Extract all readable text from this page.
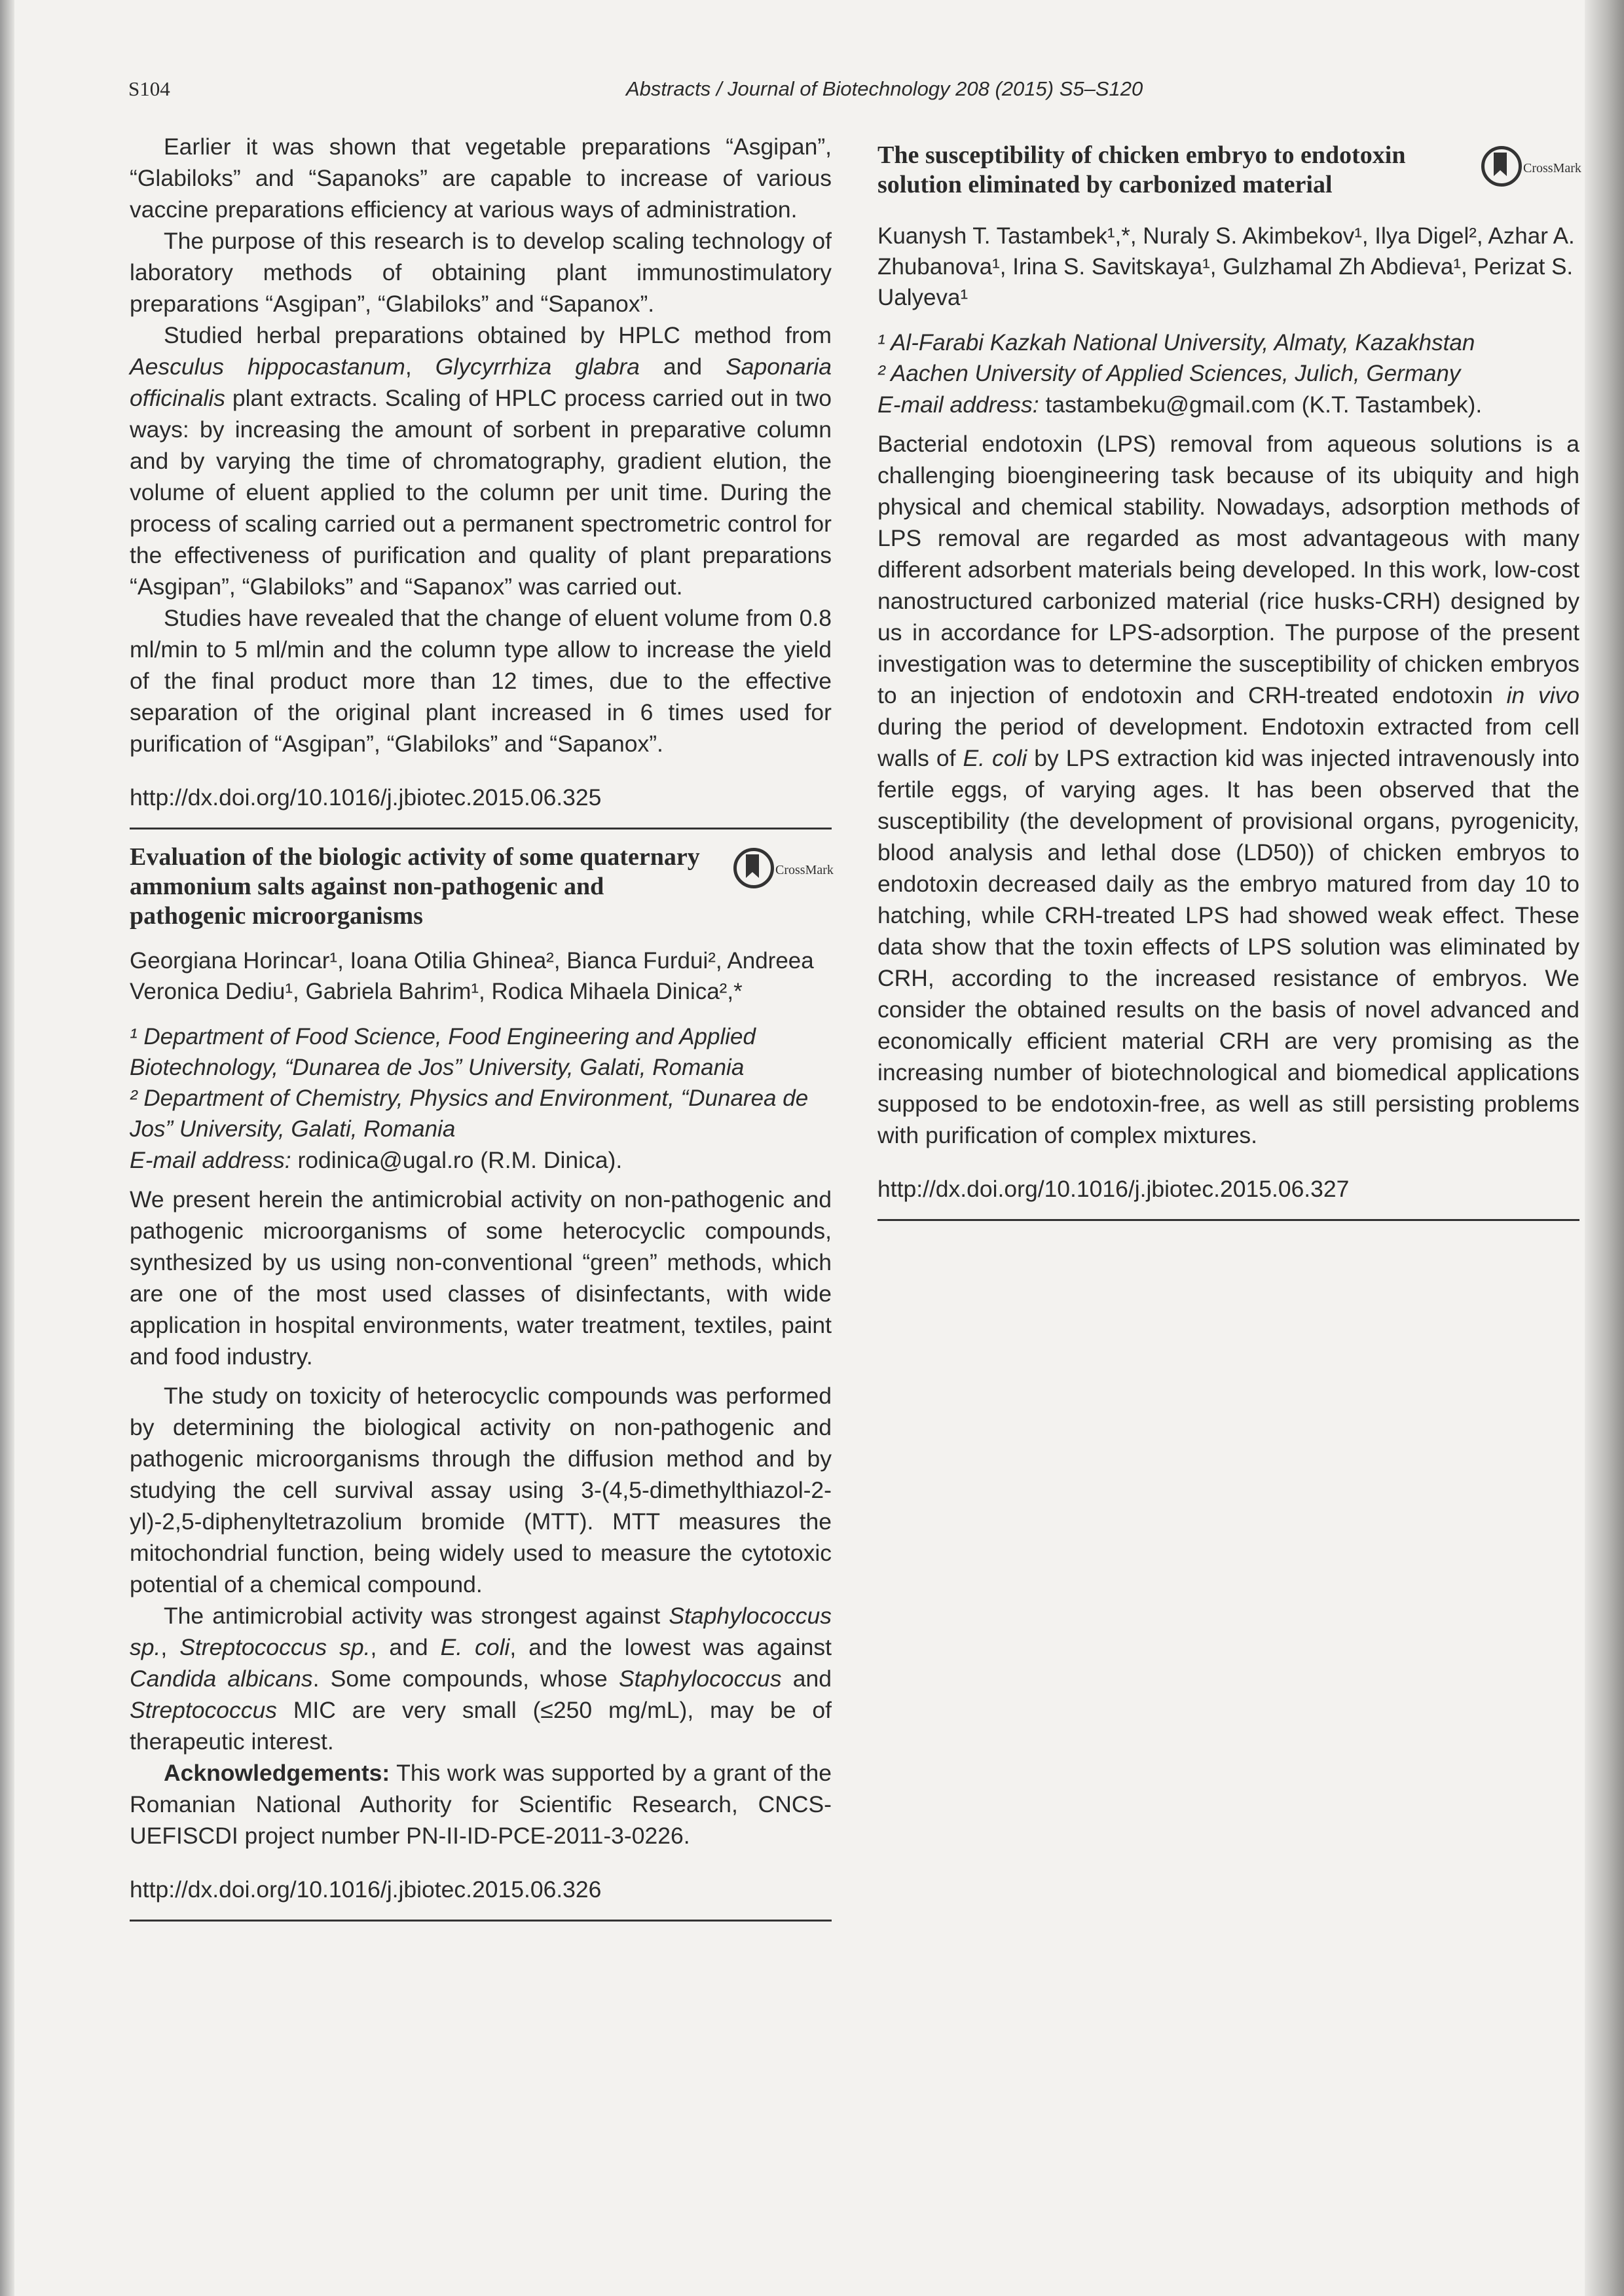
S104	Abstracts / Journal of Biotechnology 208 (2015) S5–S120

Earlier it was shown that vegetable preparations “Asgipan”, “Glabiloks” and “Sapanoks” are capable to increase of various vaccine preparations efficiency at various ways of administration.

The purpose of this research is to develop scaling technology of laboratory methods of obtaining plant immunostimulatory preparations “Asgipan”, “Glabiloks” and “Sapanox”.

Studied herbal preparations obtained by HPLC method from Aesculus hippocastanum, Glycyrrhiza glabra and Saponaria officinalis plant extracts. Scaling of HPLC process carried out in two ways: by increasing the amount of sorbent in preparative column and by varying the time of chromatography, gradient elution, the volume of eluent applied to the column per unit time. During the process of scaling carried out a permanent spectrometric control for the effectiveness of purification and quality of plant preparations “Asgipan”, “Glabiloks” and “Sapanox” was carried out.

Studies have revealed that the change of eluent volume from 0.8 ml/min to 5 ml/min and the column type allow to increase the yield of the final product more than 12 times, due to the effective separation of the original plant increased in 6 times used for purification of “Asgipan”, “Glabiloks” and “Sapanox”.

http://dx.doi.org/10.1016/j.jbiotec.2015.06.325

Evaluation of the biologic activity of some quaternary ammonium salts against non-pathogenic and pathogenic microorganisms

CrossMark

Georgiana Horincar¹, Ioana Otilia Ghinea², Bianca Furdui², Andreea Veronica Dediu¹, Gabriela Bahrim¹, Rodica Mihaela Dinica²,*

¹ Department of Food Science, Food Engineering and Applied Biotechnology, “Dunarea de Jos” University, Galati, Romania

² Department of Chemistry, Physics and Environment, “Dunarea de Jos” University, Galati, Romania

E-mail address: rodinica@ugal.ro (R.M. Dinica).

We present herein the antimicrobial activity on non-pathogenic and pathogenic microorganisms of some heterocyclic compounds, synthesized by us using non-conventional “green” methods, which are one of the most used classes of disinfectants, with wide application in hospital environments, water treatment, textiles, paint and food industry.

The study on toxicity of heterocyclic compounds was performed by determining the biological activity on non-pathogenic and pathogenic microorganisms through the diffusion method and by studying the cell survival assay using 3-(4,5-dimethylthiazol-2-yl)-2,5-diphenyltetrazolium bromide (MTT). MTT measures the mitochondrial function, being widely used to measure the cytotoxic potential of a chemical compound.

The antimicrobial activity was strongest against Staphylococcus sp., Streptococcus sp., and E. coli, and the lowest was against Candida albicans. Some compounds, whose Staphylococcus and Streptococcus MIC are very small (≤250 mg/mL), may be of therapeutic interest.

Acknowledgements: This work was supported by a grant of the Romanian National Authority for Scientific Research, CNCS-UEFISCDI project number PN-II-ID-PCE-2011-3-0226.

http://dx.doi.org/10.1016/j.jbiotec.2015.06.326

The susceptibility of chicken embryo to endotoxin solution eliminated by carbonized material

CrossMark

Kuanysh T. Tastambek¹,*, Nuraly S. Akimbekov¹, Ilya Digel², Azhar A. Zhubanova¹, Irina S. Savitskaya¹, Gulzhamal Zh Abdieva¹, Perizat S. Ualyeva¹

¹ Al-Farabi Kazkah National University, Almaty, Kazakhstan

² Aachen University of Applied Sciences, Julich, Germany

E-mail address: tastambeku@gmail.com (K.T. Tastambek).

Bacterial endotoxin (LPS) removal from aqueous solutions is a challenging bioengineering task because of its ubiquity and high physical and chemical stability. Nowadays, adsorption methods of LPS removal are regarded as most advantageous with many different adsorbent materials being developed. In this work, low-cost nanostructured carbonized material (rice husks-CRH) designed by us in accordance for LPS-adsorption. The purpose of the present investigation was to determine the susceptibility of chicken embryos to an injection of endotoxin and CRH-treated endotoxin in vivo during the period of development. Endotoxin extracted from cell walls of E. coli by LPS extraction kid was injected intravenously into fertile eggs, of varying ages. It has been observed that the susceptibility (the development of provisional organs, pyrogenicity, blood analysis and lethal dose (LD50)) of chicken embryos to endotoxin decreased daily as the embryo matured from day 10 to hatching, while CRH-treated LPS had showed weak effect. These data show that the toxin effects of LPS solution was eliminated by CRH, according to the increased resistance of embryos. We consider the obtained results on the basis of novel advanced and economically efficient material CRH are very promising as the increasing number of biotechnological and biomedical applications supposed to be endotoxin-free, as well as still persisting problems with purification of complex mixtures.

http://dx.doi.org/10.1016/j.jbiotec.2015.06.327
